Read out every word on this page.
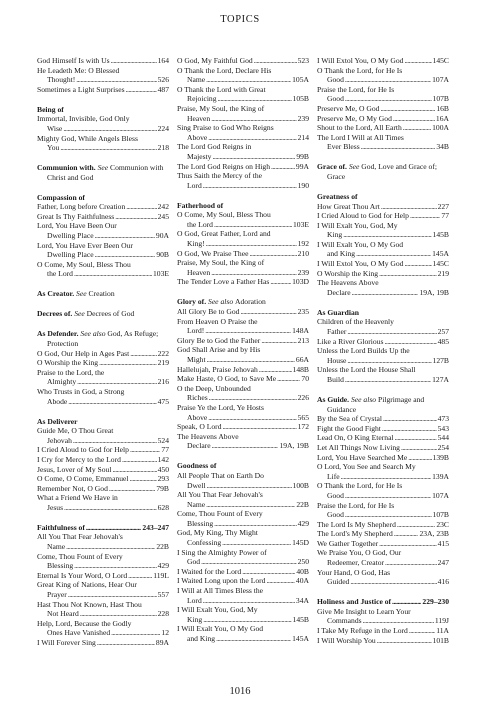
TOPICS
God Himself Is with Us . . .	164
He Leadeth Me: O Blessed
Thought! . . .	526
Sometimes a Light Surprises . . .	487
Being of
Immortal, Invisible, God Only
Wise . . .	224
Mighty God, While Angels Bless
You . . .	218
Communion with. See Communion with Christ and God
Compassion of
Father, Long before Creation . . .	242
Great Is Thy Faithfulness . . .	245
Lord, You Have Been Our
Dwelling Place . . .	90A
Lord, You Have Ever Been Our
Dwelling Place . . .	90B
O Come, My Soul, Bless Thou
the Lord . . .	103E
As Creator. See Creation
Decrees of. See Decrees of God
As Defender. See also God, As Refuge; Protection
O God, Our Help in Ages Past . . .	222
O Worship the King . . .	219
Praise to the Lord, the
Almighty . . .	216
Who Trusts in God, a Strong
Abode . . .	475
As Deliverer
Guide Me, O Thou Great
Jehovah . . .	524
I Cried Aloud to God for Help . . .	77
I Cry for Mercy to the Lord . . .	142
Jesus, Lover of My Soul . . .	450
O Come, O Come, Emmanuel . . .	293
Remember Not, O God . . .	79B
What a Friend We Have in
Jesus . . .	628
Faithfulness of . . .	243–247
All You That Fear Jehovah's
Name . . .	22B
Come, Thou Fount of Every
Blessing . . .	429
Eternal Is Your Word, O Lord . . .	119L
Great King of Nations, Hear Our
Prayer . . .	557
Hast Thou Not Known, Hast Thou
Not Heard . . .	228
Help, Lord, Because the Godly
Ones Have Vanished . . .	12
I Will Forever Sing . . .	89A
O God, My Faithful God . . .	523
O Thank the Lord, Declare His
Name . . .	105A
O Thank the Lord with Great
Rejoicing . . .	105B
Praise, My Soul, the King of
Heaven . . .	239
Sing Praise to God Who Reigns
Above . . .	214
The Lord God Reigns in
Majesty . . .	99B
The Lord God Reigns on High . . .	99A
Thus Saith the Mercy of the
Lord . . .	190
Fatherhood of
O Come, My Soul, Bless Thou
the Lord . . .	103E
O God, Great Father, Lord and
King! . . .	192
O God, We Praise Thee . . .	210
Praise, My Soul, the King of
Heaven . . .	239
The Tender Love a Father Has . . .	103D
Glory of. See also Adoration
All Glory Be to God . . .	235
From Heaven O Praise the
Lord! . . .	148A
Glory Be to God the Father . . .	213
God Shall Arise and by His
Might . . .	66A
Hallelujah, Praise Jehovah . . .	148B
Make Haste, O God, to Save Me . . .	70
O the Deep, Unbounded
Riches . . .	226
Praise Ye the Lord, Ye Hosts
Above . . .	565
Speak, O Lord . . .	172
The Heavens Above
Declare . . .	19A, 19B
Goodness of
All People That on Earth Do
Dwell . . .	100B
All You That Fear Jehovah's
Name . . .	22B
Come, Thou Fount of Every
Blessing . . .	429
God, My King, Thy Might
Confessing . . .	145D
I Sing the Almighty Power of
God . . .	250
I Waited for the Lord . . .	40B
I Waited Long upon the Lord . . .	40A
I Will at All Times Bless the
Lord . . .	34A
I Will Exalt You, God, My
King . . .	145B
I Will Exalt You, O My God
and King . . .	145A
I Will Extol You, O My God . . .	145C
O Thank the Lord, for He Is
Good . . .	107A
Praise the Lord, for He Is
Good . . .	107B
Preserve Me, O God . . .	16B
Preserve Me, O My God . . .	16A
Shout to the Lord, All Earth . . .	100A
The Lord I Will at All Times
Ever Bless . . .	34B
Grace of. See God, Love and Grace of; Grace
Greatness of
How Great Thou Art . . .	227
I Cried Aloud to God for Help . . .	77
I Will Exalt You, God, My
King . . .	145B
I Will Exalt You, O My God
and King . . .	145A
I Will Extol You, O My God . . .	145C
O Worship the King . . .	219
The Heavens Above
Declare . . .	19A, 19B
As Guardian
Children of the Heavenly
Father . . .	257
Like a River Glorious . . .	485
Unless the Lord Builds Up the
House . . .	127B
Unless the Lord the House Shall
Build . . .	127A
As Guide. See also Pilgrimage and Guidance
By the Sea of Crystal . . .	473
Fight the Good Fight . . .	543
Lead On, O King Eternal . . .	544
Let All Things Now Living . . .	254
Lord, You Have Searched Me . . .	139B
O Lord, You See and Search My
Life . . .	139A
O Thank the Lord, for He Is
Good . . .	107A
Praise the Lord, for He Is
Good . . .	107B
The Lord Is My Shepherd . . .	23C
The Lord's My Shepherd . . .	23A, 23B
We Gather Together . . .	415
We Praise You, O God, Our
Redeemer, Creator . . .	247
Your Hand, O God, Has
Guided . . .	416
Holiness and Justice of . . .	229–230
Give Me Insight to Learn Your
Commands . . .	119J
I Take My Refuge in the Lord . . .	11A
I Will Worship You . . .	101B
1016
